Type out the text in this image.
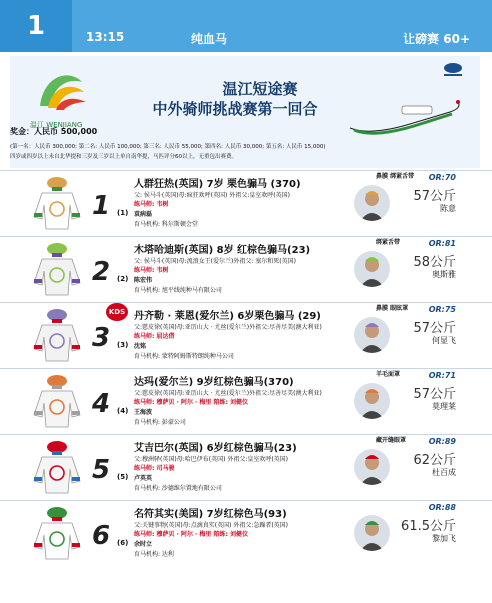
1	13:15	纯血马	让磅赛 60+
温江 WENJIANG
温江短途赛
中外骑师挑战赛第一回合
奖金：人民币 500,000
(第一名：人民币 300,000; 第二名: 人民币 100,000; 第三名: 人民币 55,000; 第四名: 人民币 30,000; 第五名: 人民币 15,000)
四岁或四岁以上未自北华提和三岁及三岁以上单自南华提，马匹评分60以上，无重包出赛费。
1 (1)
人群狂热(英国) 7岁 栗色骟马 (370)
父: 侯马斗(英国)母:疯狂欢呼(英国) 外祖父:皇室欢呼(英国)
练马师: 韦树
袁病磊
育马机构: 科尔斯顿会堂
鼻膜 绑紧舌带 OR:70
57公斤
陈意
2 (2)
木塔哈迪斯(英国) 8岁 红棕色骟马(23)
父: 侯马斗(英国)母:流浪女王(爱尔兰)外祖父: 塞尔和死(英国)
练马师: 韦树
陈宏伟
育马机构: 旭平线纯种马有限公司
绑紧舌带	OR:81
58公斤
奥斯雅
3 (3)
丹齐勒 · 莱恩(爱尔兰) 6岁栗色骟马 (29)
父:慈皮徐(英国)母:亚历山大 · 尤丝(爱尔兰)外祖父:尽善尽美(澳大利亚)
练马师: 屈达借
沈铭
育马机构: 蒙特阿姆斯特朗纯种马公司
鼻膜 眼眩罩	OR:75
57公斤
何显飞
KDS
4 (4)
达玛(爱尔兰) 9岁红棕色骟马(370)
父:慈皮徐(英国)母:亚历山大 · 尤丝(爱尔兰)外祖父:尽善尽美(澳大利亚)
练马师: 穆萨贝 · 阿尔 · 梅里 陪练: 刘健仪
王海波
育马机构: 彭豪公司
羊毛面罩	OR:71
57公斤
莫理莱
5 (5)
艾吉巴尔(英国) 6岁红棕色骟马(23)
父:穆洲驿(英国)母:哈巴伊布(英国) 外祖父:皇室欢呼(英国)
练马师: 司马骏
卢英英
育马机构: 沙德维尔置地有限公司
藏开缝眼罩	OR:89
62公斤
杜百成
6 (6)
名符其实(美国) 7岁红棕色马(93)
父:关键事物(英国)母:点滴真实(英国) 外祖父:急躁者(英国)
练马师: 穆萨贝 · 阿尔 · 梅里 陪练: 刘健仪
余时立
育马机构: 达利
OR:88
61.5公斤
黎加飞
